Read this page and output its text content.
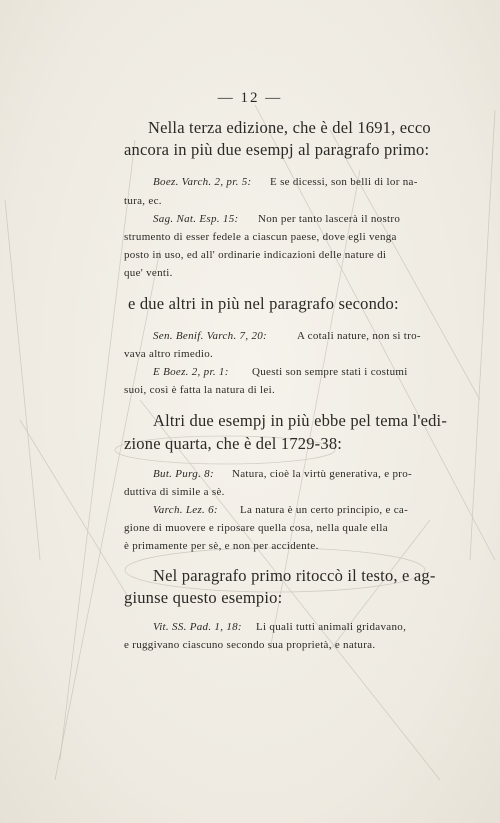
— 12 —
Nella terza edizione, che è del 1691, ecco
ancora in più due esempj al paragrafo primo:
Boez. Varch. 2, pr. 5: E se dicessi, son belli di lor na-
tura, ec.
Sag. Nat. Esp. 15: Non per tanto lascerà il nostro
strumento di esser fedele a ciascun paese, dove egli venga
posto in uso, ed all' ordinarie indicazioni delle nature di
que' venti.
e due altri in più nel paragrafo secondo:
Sen. Benif. Varch. 7, 20:	A cotali nature, non si tro-
vava altro rimedio.
E Boez. 2, pr. 1: Questi son sempre stati i costumi
suoi, così è fatta la natura di lei.
Altri due esempj in più ebbe pel tema l'edi-
zione quarta, che è del 1729-38:
But. Purg. 8: Natura, cioè la virtù generativa, e pro-
duttiva di simile a sè.
Varch. Lez. 6: La natura è un certo principio, e ca-
gione di muovere e riposare quella cosa, nella quale ella
è primamente per sè, e non per accidente.
Nel paragrafo primo ritoccò il testo, e ag-
giunse questo esempio:
Vit. SS. Pad. 1, 18: Li quali tutti animali gridavano,
e ruggivano ciascuno secondo sua proprietà, e natura.
